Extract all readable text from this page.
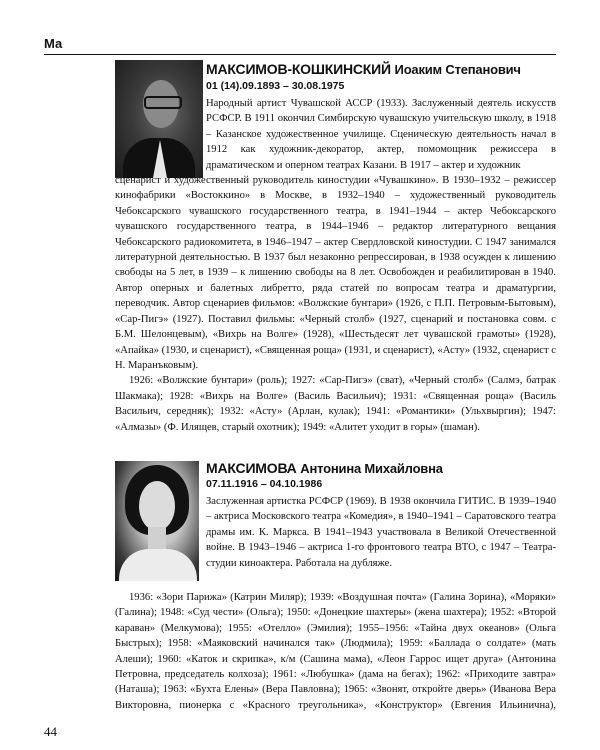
Ма
МАКСИМОВ-КОШКИНСКИЙ Иоаким Степанович
01 (14).09.1893 – 30.08.1975

Народный артист Чувашской АССР (1933). Заслуженный деятель искусств РСФСР. В 1911 окончил Симбирскую чувашскую учительскую школу, в 1918 – Казанское художественное училище. Сценическую деятельность начал в 1912 как художник-декоратор, актер, помомощник режиссера в драматическом и оперном театрах Казани. В 1917 – актер и художник

сценарист и художественный руководитель киностудии «Чувашкино». В 1930–1932 – режиссер кинофабрики «Востоккино» в Москве, в 1932–1940 – художественный руководитель Чебоксарского чувашского государственного театра, в 1941–1944 – актер Чебоксарского чувашского государственного театра, в 1944–1946 – редактор литературного вещания Чебоксарского радиокомитета, в 1946–1947 – актер Свердловской киностудии. С 1947 занимался литературной деятельностью. В 1937 был незаконно репрессирован, в 1938 осужден к лишению свободы на 5 лет, в 1939 – к лишению свободы на 8 лет. Освобожден и реабилитирован в 1940. Автор оперных и балетных либретто, ряда статей по вопросам театра и драматургии, переводчик. Автор сценариев фильмов: «Волжские бунтари» (1926, с П.П. Петровым-Бытовым), «Сар-Пигэ» (1927). Поставил фильмы: «Черный столб» (1927, сценарий и постановка совм. с Б.М. Шелонцевым), «Вихрь на Волге» (1928), «Шестьдесят лет чувашской грамоты» (1928), «Апайка» (1930, и сценарист), «Священная роща» (1931, и сценарист), «Асту» (1932, сценарист с Н. Маранъковым).

1926: «Волжские бунтари» (роль); 1927: «Сар-Пигэ» (сват), «Черный столб» (Салмэ, батрак Шакмака); 1928: «Вихрь на Волге» (Василь Васильич); 1931: «Священная роща» (Василь Васильич, середняк); 1932: «Асту» (Арлан, кулак); 1941: «Романтики» (Ульхвыргин); 1947: «Алмазы» (Ф. Илящев, старый охотник); 1949: «Алитет уходит в горы» (шаман).

МАКСИМОВА Антонина Михайловна
07.11.1916 – 04.10.1986

Заслуженная артистка РСФСР (1969). В 1938 окончила ГИТИС. В 1939–1940 – актриса Московского театра «Комедия», в 1940–1941 – Саратовского театра драмы им. К. Маркса. В 1941–1943 участвовала в Великой Отечественной войне. В 1943–1946 – актриса 1-го фронтового театра ВТО, с 1947 – Театра-студии киноактера. Работала на дубляже.

1936: «Зори Парижа» (Катрин Миляр); 1939: «Воздушная почта» (Галина Зорина), «Моряки» (Галина); 1948: «Суд чести» (Ольга); 1950: «Донецкие шахтеры» (жена шахтера); 1952: «Второй караван» (Мелкумова); 1955: «Отелло» (Эмилия); 1955–1956: «Тайна двух океанов» (Ольга Быстрых); 1958: «Маяковский начинался так» (Людмила); 1959: «Баллада о солдате» (мать Алеши); 1960: «Каток и скрипка», к/м (Сашина мама), «Леон Гаррос ищет друга» (Антонина Петровна, председатель колхоза); 1961: «Любушка» (дама на бегах); 1962: «Приходите завтра» (Наташа); 1963: «Бухта Елены» (Вера Павловна); 1965: «Звонят, откройте дверь» (Иванова Вера Викторовна, пионерка с «Красного треугольника», «Конструктор» (Евгения Ильинична),

44
